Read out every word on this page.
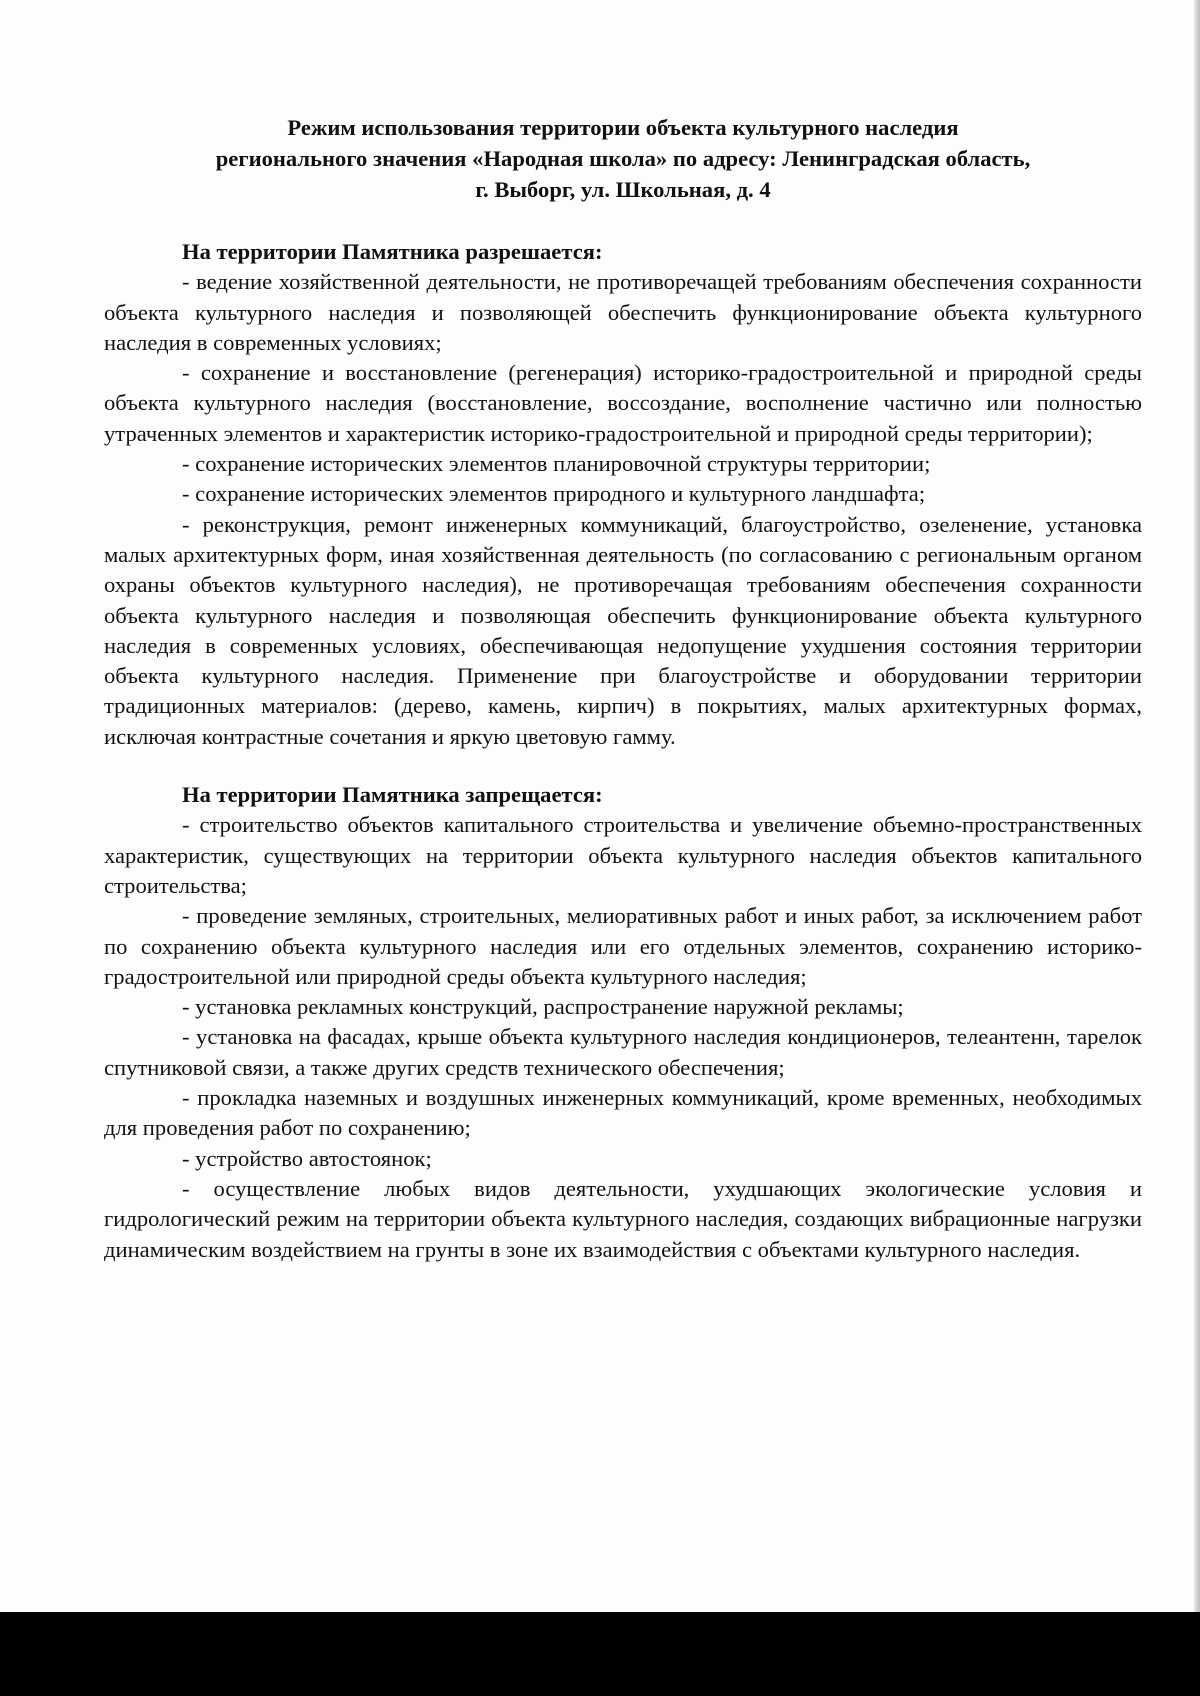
Режим использования территории объекта культурного наследия
регионального значения «Народная школа» по адресу: Ленинградская область,
г. Выборг, ул. Школьная, д. 4
На территории Памятника разрешается:

- ведение хозяйственной деятельности, не противоречащей требованиям обеспечения сохранности объекта культурного наследия и позволяющей обеспечить функционирование объекта культурного наследия в современных условиях;

- сохранение и восстановление (регенерация) историко-градостроительной и природной среды объекта культурного наследия (восстановление, воссоздание, восполнение частично или полностью утраченных элементов и характеристик историко-градостроительной и природной среды территории);

- сохранение исторических элементов планировочной структуры территории;

- сохранение исторических элементов природного и культурного ландшафта;

- реконструкция, ремонт инженерных коммуникаций, благоустройство, озеленение, установка малых архитектурных форм, иная хозяйственная деятельность (по согласованию с региональным органом охраны объектов культурного наследия), не противоречащая требованиям обеспечения сохранности объекта культурного наследия и позволяющая обеспечить функционирование объекта культурного наследия в современных условиях, обеспечивающая недопущение ухудшения состояния территории объекта культурного наследия. Применение при благоустройстве и оборудовании территории традиционных материалов: (дерево, камень, кирпич) в покрытиях, малых архитектурных формах, исключая контрастные сочетания и яркую цветовую гамму.

На территории Памятника запрещается:

- строительство объектов капитального строительства и увеличение объемно-пространственных характеристик, существующих на территории объекта культурного наследия объектов капитального строительства;

- проведение земляных, строительных, мелиоративных работ и иных работ, за исключением работ по сохранению объекта культурного наследия или его отдельных элементов, сохранению историко-градостроительной или природной среды объекта культурного наследия;

- установка рекламных конструкций, распространение наружной рекламы;

- установка на фасадах, крыше объекта культурного наследия кондиционеров, телеантенн, тарелок спутниковой связи, а также других средств технического обеспечения;

- прокладка наземных и воздушных инженерных коммуникаций, кроме временных, необходимых для проведения работ по сохранению;

- устройство автостоянок;

- осуществление любых видов деятельности, ухудшающих экологические условия и гидрологический режим на территории объекта культурного наследия, создающих вибрационные нагрузки динамическим воздействием на грунты в зоне их взаимодействия с объектами культурного наследия.
